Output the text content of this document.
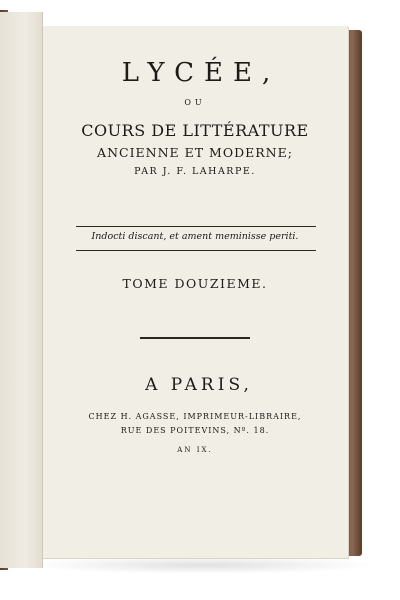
LYCÉE,
OU
COURS DE LITTÉRATURE
ANCIENNE ET MODERNE;
PAR J. F. LAHARPE.
Indocti discant, et ament meminisse periti.
TOME DOUZIEME.
A PARIS,
CHEZ H. AGASSE, IMPRIMEUR-LIBRAIRE,
RUE DES POITEVINS, Nº. 18.
AN IX.
